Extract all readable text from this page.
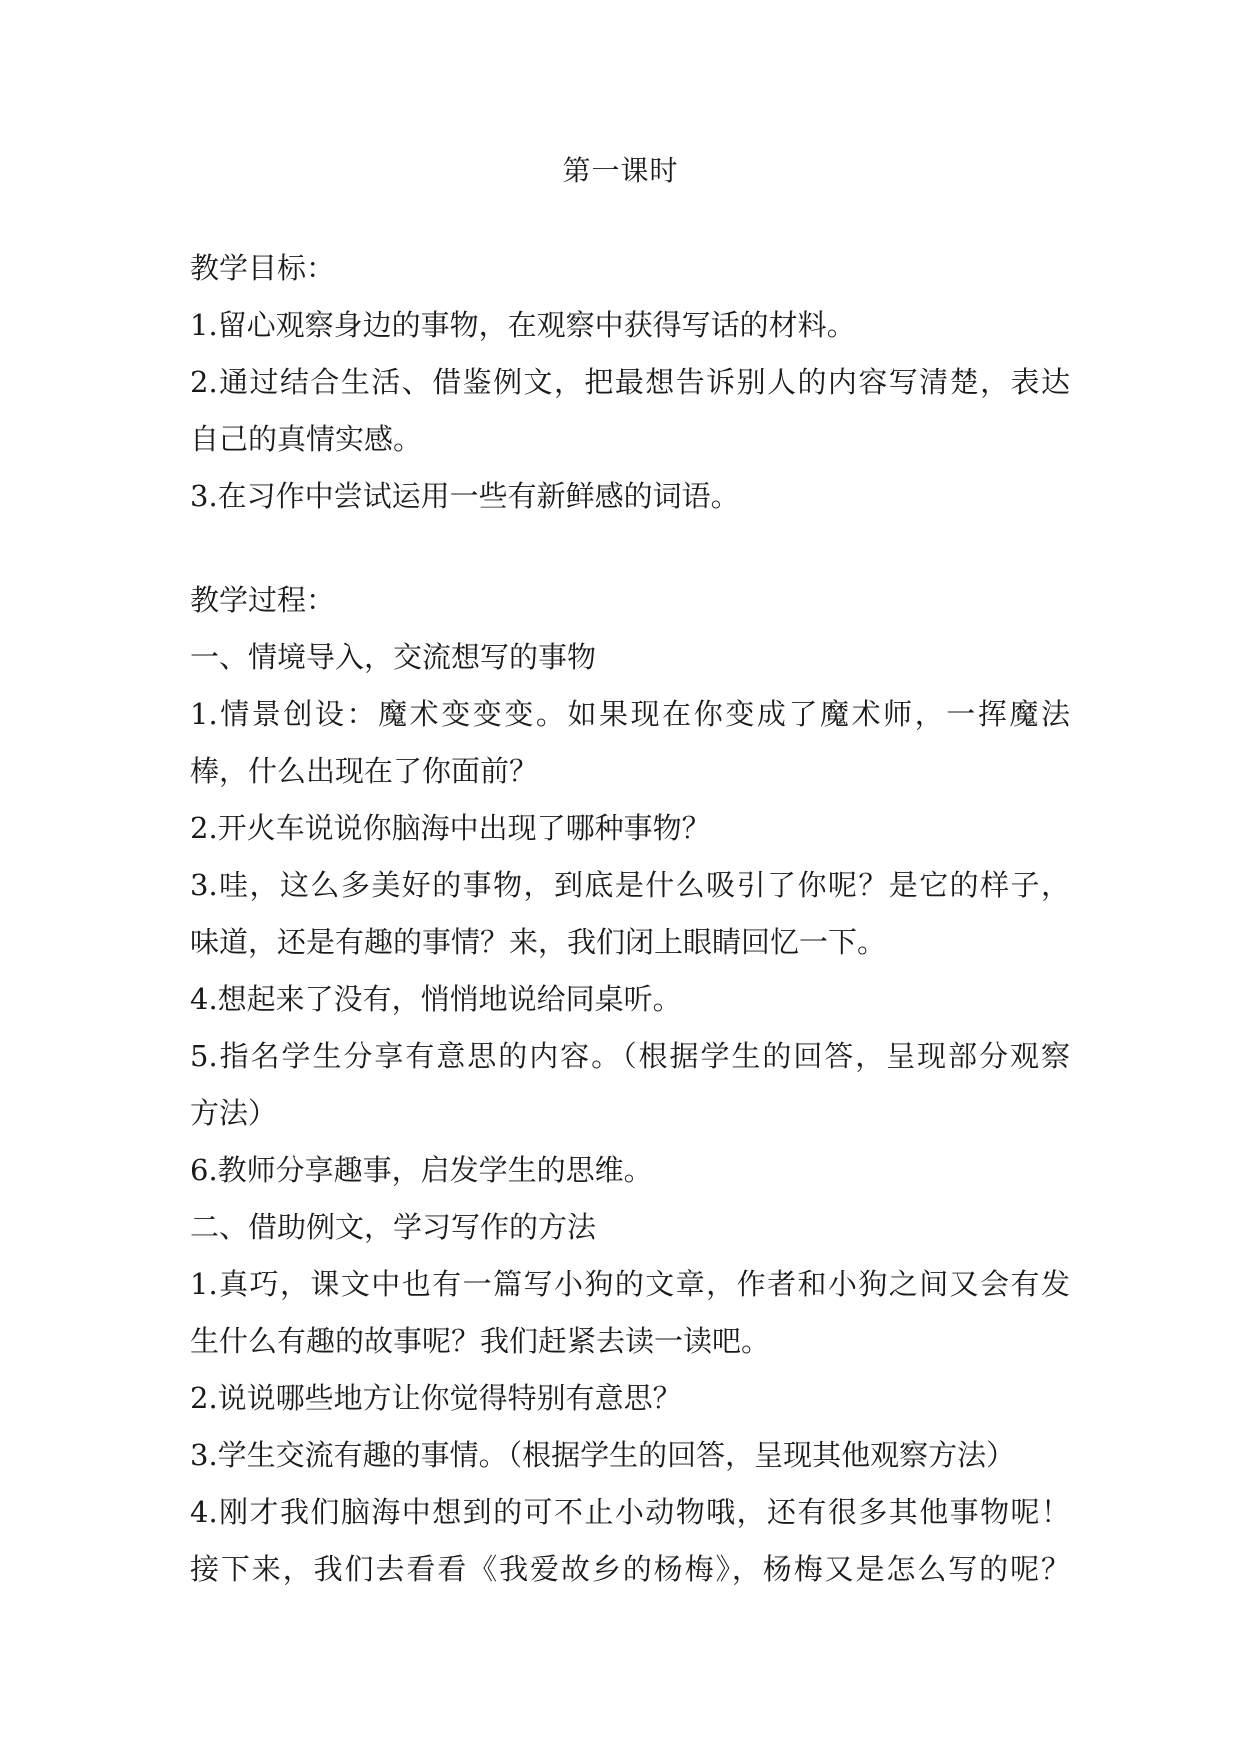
第一课时
教学目标：
1.留心观察身边的事物，在观察中获得写话的材料。
2.通过结合生活、借鉴例文，把最想告诉别人的内容写清楚，表达
自己的真情实感。
3.在习作中尝试运用一些有新鲜感的词语。
教学过程：
一、情境导入，交流想写的事物
1.情景创设：魔术变变变。如果现在你变成了魔术师，一挥魔法
棒，什么出现在了你面前？
2.开火车说说你脑海中出现了哪种事物？
3.哇，这么多美好的事物，到底是什么吸引了你呢？是它的样子，
味道，还是有趣的事情？来，我们闭上眼睛回忆一下。
4.想起来了没有，悄悄地说给同桌听。
5.指名学生分享有意思的内容。（根据学生的回答，呈现部分观察
方法）
6.教师分享趣事，启发学生的思维。
二、借助例文，学习写作的方法
1.真巧，课文中也有一篇写小狗的文章，作者和小狗之间又会有发
生什么有趣的故事呢？我们赶紧去读一读吧。
2.说说哪些地方让你觉得特别有意思？
3.学生交流有趣的事情。（根据学生的回答，呈现其他观察方法）
4.刚才我们脑海中想到的可不止小动物哦，还有很多其他事物呢！
接下来，我们去看看《我爱故乡的杨梅》，杨梅又是怎么写的呢？
